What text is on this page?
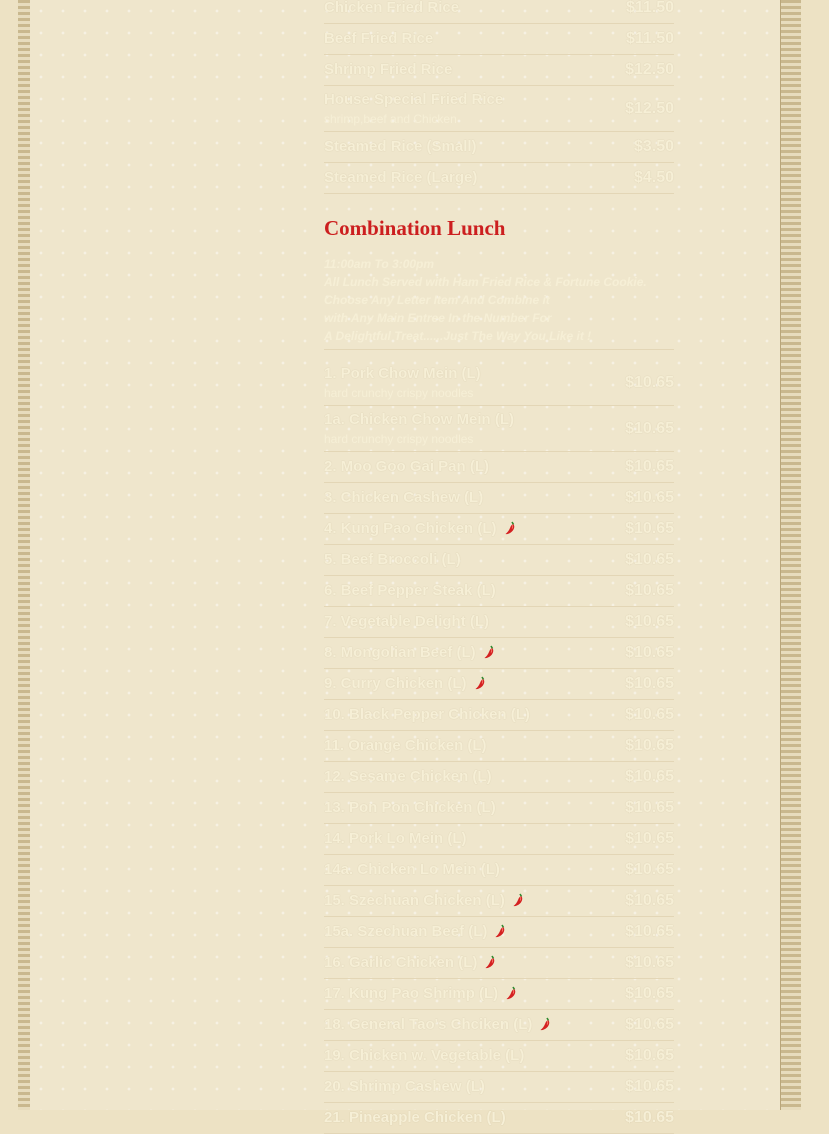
Chicken Fried Rice	$11.50
Beef Fried Rice	$11.50
Shrimp Fried Rice	$12.50
House Special Fried Rice
shrimp,beef and Chicken
$12.50
Steamed Rice (Small)	$3.50
Steamed Rice (Large)	$4.50
Combination Lunch
11:00am To 3:00pm
All Lunch Served with Ham Fried Rice & Fortune Cookie.
Choose Any Letter Item And Combine it
with Any Main Entree In the Number For
A Delightful Treat......Just The Way You Like it !
1. Pork Chow Mein (L)
hard crunchy crispy noodles
$10.65
1a. Chicken Chow Mein (L)
hard crunchy crispy noodles
$10.65
2. Moo Goo Gai Pan (L)	$10.65
3. Chicken Cashew (L)	$10.65
4. Kung Pao Chicken (L)	$10.65
5. Beef Broccoli (L)	$10.65
6. Beef Pepper Steak (L)	$10.65
7. Vegetable Delight (L)	$10.65
8. Mongolian Beef (L)	$10.65
9. Curry Chicken (L)	$10.65
10. Black Pepper Chicken (L)	$10.65
11. Orange Chicken (L)	$10.65
12. Sesame Chicken (L)	$10.65
13. Pon Pon Chicken (L)	$10.65
14. Pork Lo Mein (L)	$10.65
14a. Chicken Lo Mein (L)	$10.65
15. Szechuan Chicken (L)	$10.65
15a. Szechuan Beef (L)	$10.65
16. Garlic Chicken (L)	$10.65
17. Kung Pao Shrimp (L)	$10.65
18. General Tao's Chciken (L)	$10.65
19. Chicken w. Vegetable (L)	$10.65
20. Shrimp Cashew (L)	$10.65
21. Pineapple Chicken (L)	$10.65
